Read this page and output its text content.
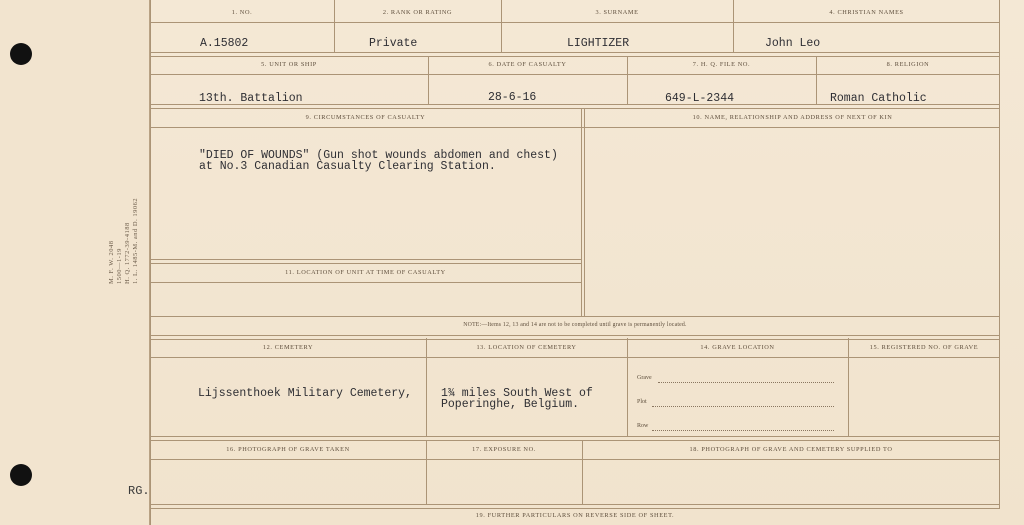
M. F. W. 2048 1500—1-19 H. Q. 1772-39-4188 1. L. 1485-M. and D. 19062
RG.
1. NO.	2. RANK OR RATING	3. SURNAME	4. CHRISTIAN NAMES
A.15802	Private	LIGHTIZER	John Leo
5. UNIT OR SHIP	6. DATE OF CASUALTY	7. H. Q. FILE NO.	8. RELIGION
13th. Battalion	28-6-16	649-L-2344	Roman Catholic
9. CIRCUMSTANCES OF CASUALTY	10. NAME, RELATIONSHIP AND ADDRESS OF NEXT OF KIN
"DIED OF WOUNDS" (Gun shot wounds abdomen and chest)
at No.3 Canadian Casualty Clearing Station.
11. LOCATION OF UNIT AT TIME OF CASUALTY
NOTE:—Items 12, 13 and 14 are not to be completed until grave is permanently located.
12. CEMETERY	13. LOCATION OF CEMETERY	14. GRAVE LOCATION	15. REGISTERED NO. OF GRAVE
Lijssenthoek Military Cemetery,	1¾ miles South West of
Poperinghe, Belgium.
Grave
Plot
Row
16. PHOTOGRAPH OF GRAVE TAKEN	17. EXPOSURE NO.	18. PHOTOGRAPH OF GRAVE AND CEMETERY SUPPLIED TO
19. FURTHER PARTICULARS ON REVERSE SIDE OF SHEET.
